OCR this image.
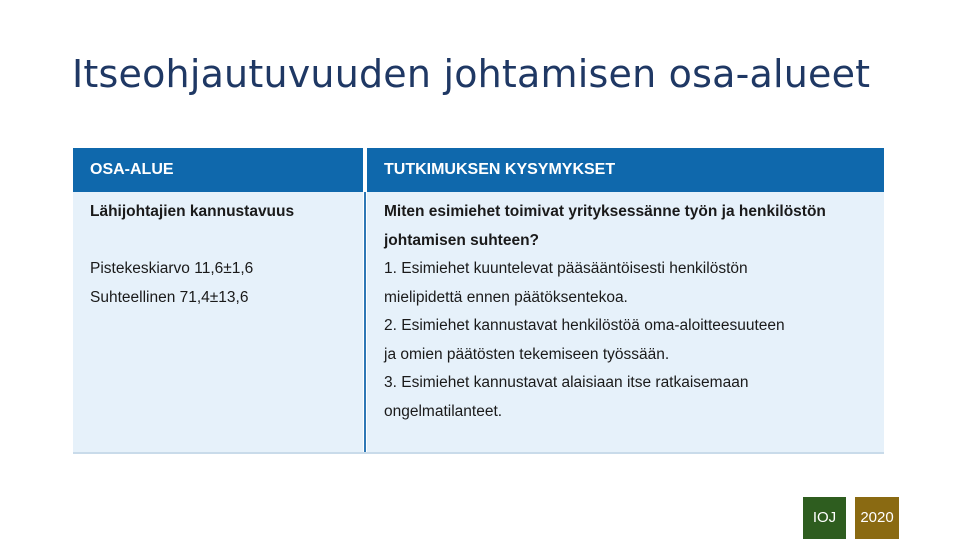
Itseohjautuvuuden johtamisen osa-alueet
OSA-ALUE	TUTKIMUKSEN KYSYMYKSET
Lähijohtajien kannustavuus
Pistekeskiarvo 11,6±1,6
Suhteellinen 71,4±13,6
Miten esimiehet toimivat yrityksessänne työn ja henkilöstön
johtamisen suhteen?
1. Esimiehet kuuntelevat pääsääntöisesti henkilöstön
mielipidettä ennen päätöksentekoa.
2. Esimiehet kannustavat henkilöstöä oma-aloitteesuuteen
ja omien päätösten tekemiseen työssään.
3. Esimiehet kannustavat alaisiaan itse ratkaisemaan
ongelmatilanteet.
IOJ	2020
